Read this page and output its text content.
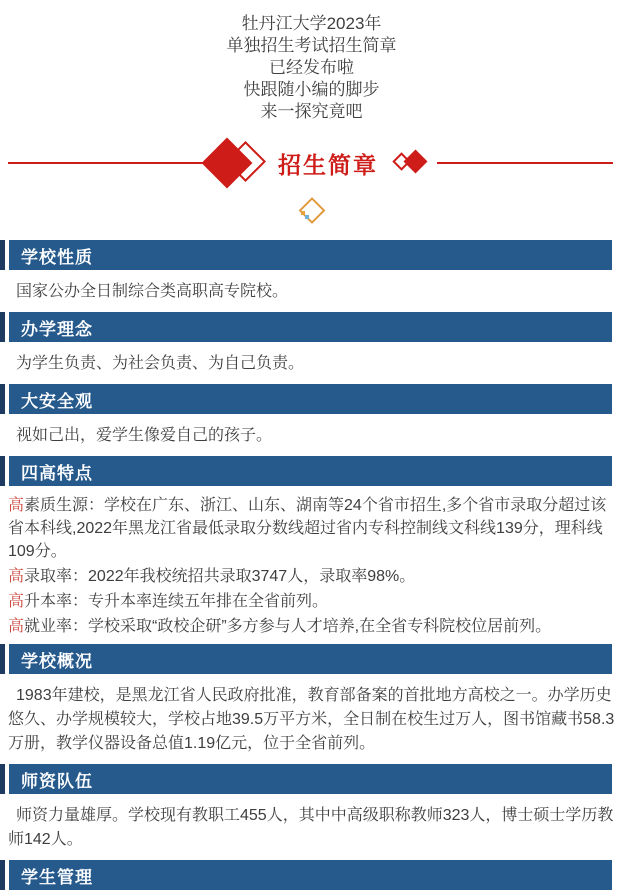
牡丹江大学2023年

单独招生考试招生简章

已经发布啦

快跟随小编的脚步

来一探究竟吧

招生简章
学校性质

国家公办全日制综合类高职高专院校。

办学理念

为学生负责、为社会负责、为自己负责。

大安全观

视如己出，爱学生像爱自己的孩子。

四高特点

高素质生源：学校在广东、浙江、山东、湖南等24个省市招生,多个省市录取分超过该省本科线,2022年黑龙江省最低录取分数线超过省内专科控制线文科线139分，理科线109分。

高录取率：2022年我校统招共录取3747人，录取率98%。

高升本率：专升本率连续五年排在全省前列。

高就业率：学校采取“政校企研”多方参与人才培养,在全省专科院校位居前列。

学校概况

1983年建校，是黑龙江省人民政府批准，教育部备案的首批地方高校之一。办学历史悠久、办学规模较大，学校占地39.5万平方米，全日制在校生过万人，图书馆藏书58.3万册，教学仪器设备总值1.19亿元，位于全省前列。

师资队伍

师资力量雄厚。学校现有教职工455人，其中中高级职称教师323人，博士硕士学历教师142人。

学生管理
